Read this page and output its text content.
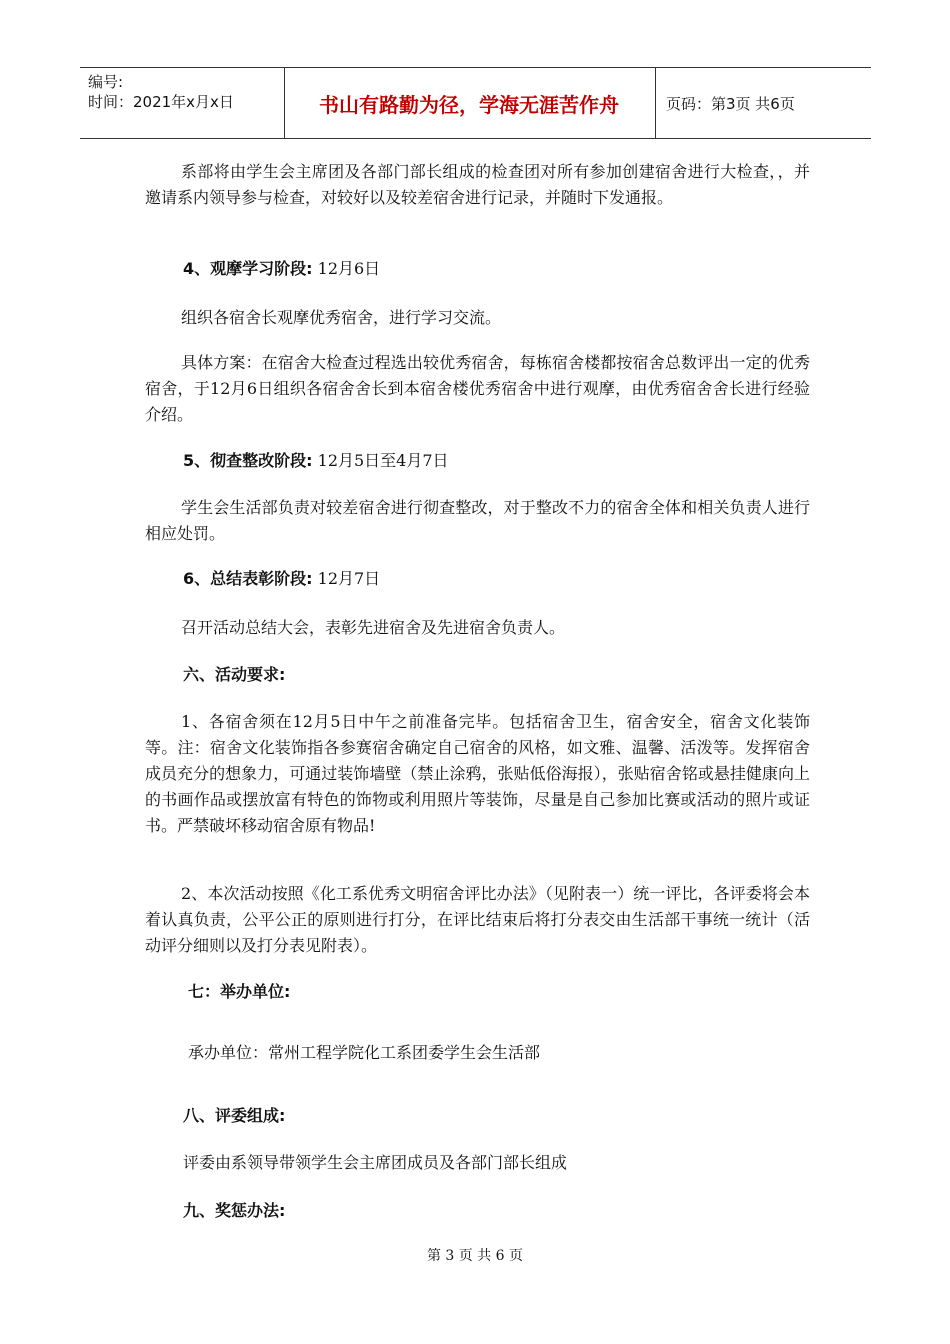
编号:
时间：2021年x月x日	书山有路勤为径，学海无涯苦作舟	页码：第3页 共6页
系部将由学生会主席团及各部门部长组成的检查团对所有参加创建宿舍进行大检查，，并邀请系内领导参与检查，对较好以及较差宿舍进行记录，并随时下发通报。
4、观摩学习阶段: 12月6日
组织各宿舍长观摩优秀宿舍，进行学习交流。
具体方案：在宿舍大检查过程选出较优秀宿舍，每栋宿舍楼都按宿舍总数评出一定的优秀宿舍，于12月6日组织各宿舍舍长到本宿舍楼优秀宿舍中进行观摩，由优秀宿舍舍长进行经验介绍。
5、彻查整改阶段: 12月5日至4月7日
学生会生活部负责对较差宿舍进行彻查整改，对于整改不力的宿舍全体和相关负责人进行相应处罚。
6、总结表彰阶段: 12月7日
召开活动总结大会，表彰先进宿舍及先进宿舍负责人。
六、活动要求:
1、各宿舍须在12月5日中午之前准备完毕。包括宿舍卫生，宿舍安全，宿舍文化装饰等。注：宿舍文化装饰指各参赛宿舍确定自己宿舍的风格，如文雅、温馨、活泼等。发挥宿舍成员充分的想象力，可通过装饰墙壁（禁止涂鸦，张贴低俗海报），张贴宿舍铭或悬挂健康向上的书画作品或摆放富有特色的饰物或利用照片等装饰，尽量是自己参加比赛或活动的照片或证书。严禁破坏移动宿舍原有物品!
2、本次活动按照《化工系优秀文明宿舍评比办法》（见附表一）统一评比，各评委将会本着认真负责，公平公正的原则进行打分，在评比结束后将打分表交由生活部干事统一统计（活动评分细则以及打分表见附表）。
七：举办单位:
承办单位：常州工程学院化工系团委学生会生活部
八、评委组成:
评委由系领导带领学生会主席团成员及各部门部长组成
九、奖惩办法:
第 3 页 共 6 页
